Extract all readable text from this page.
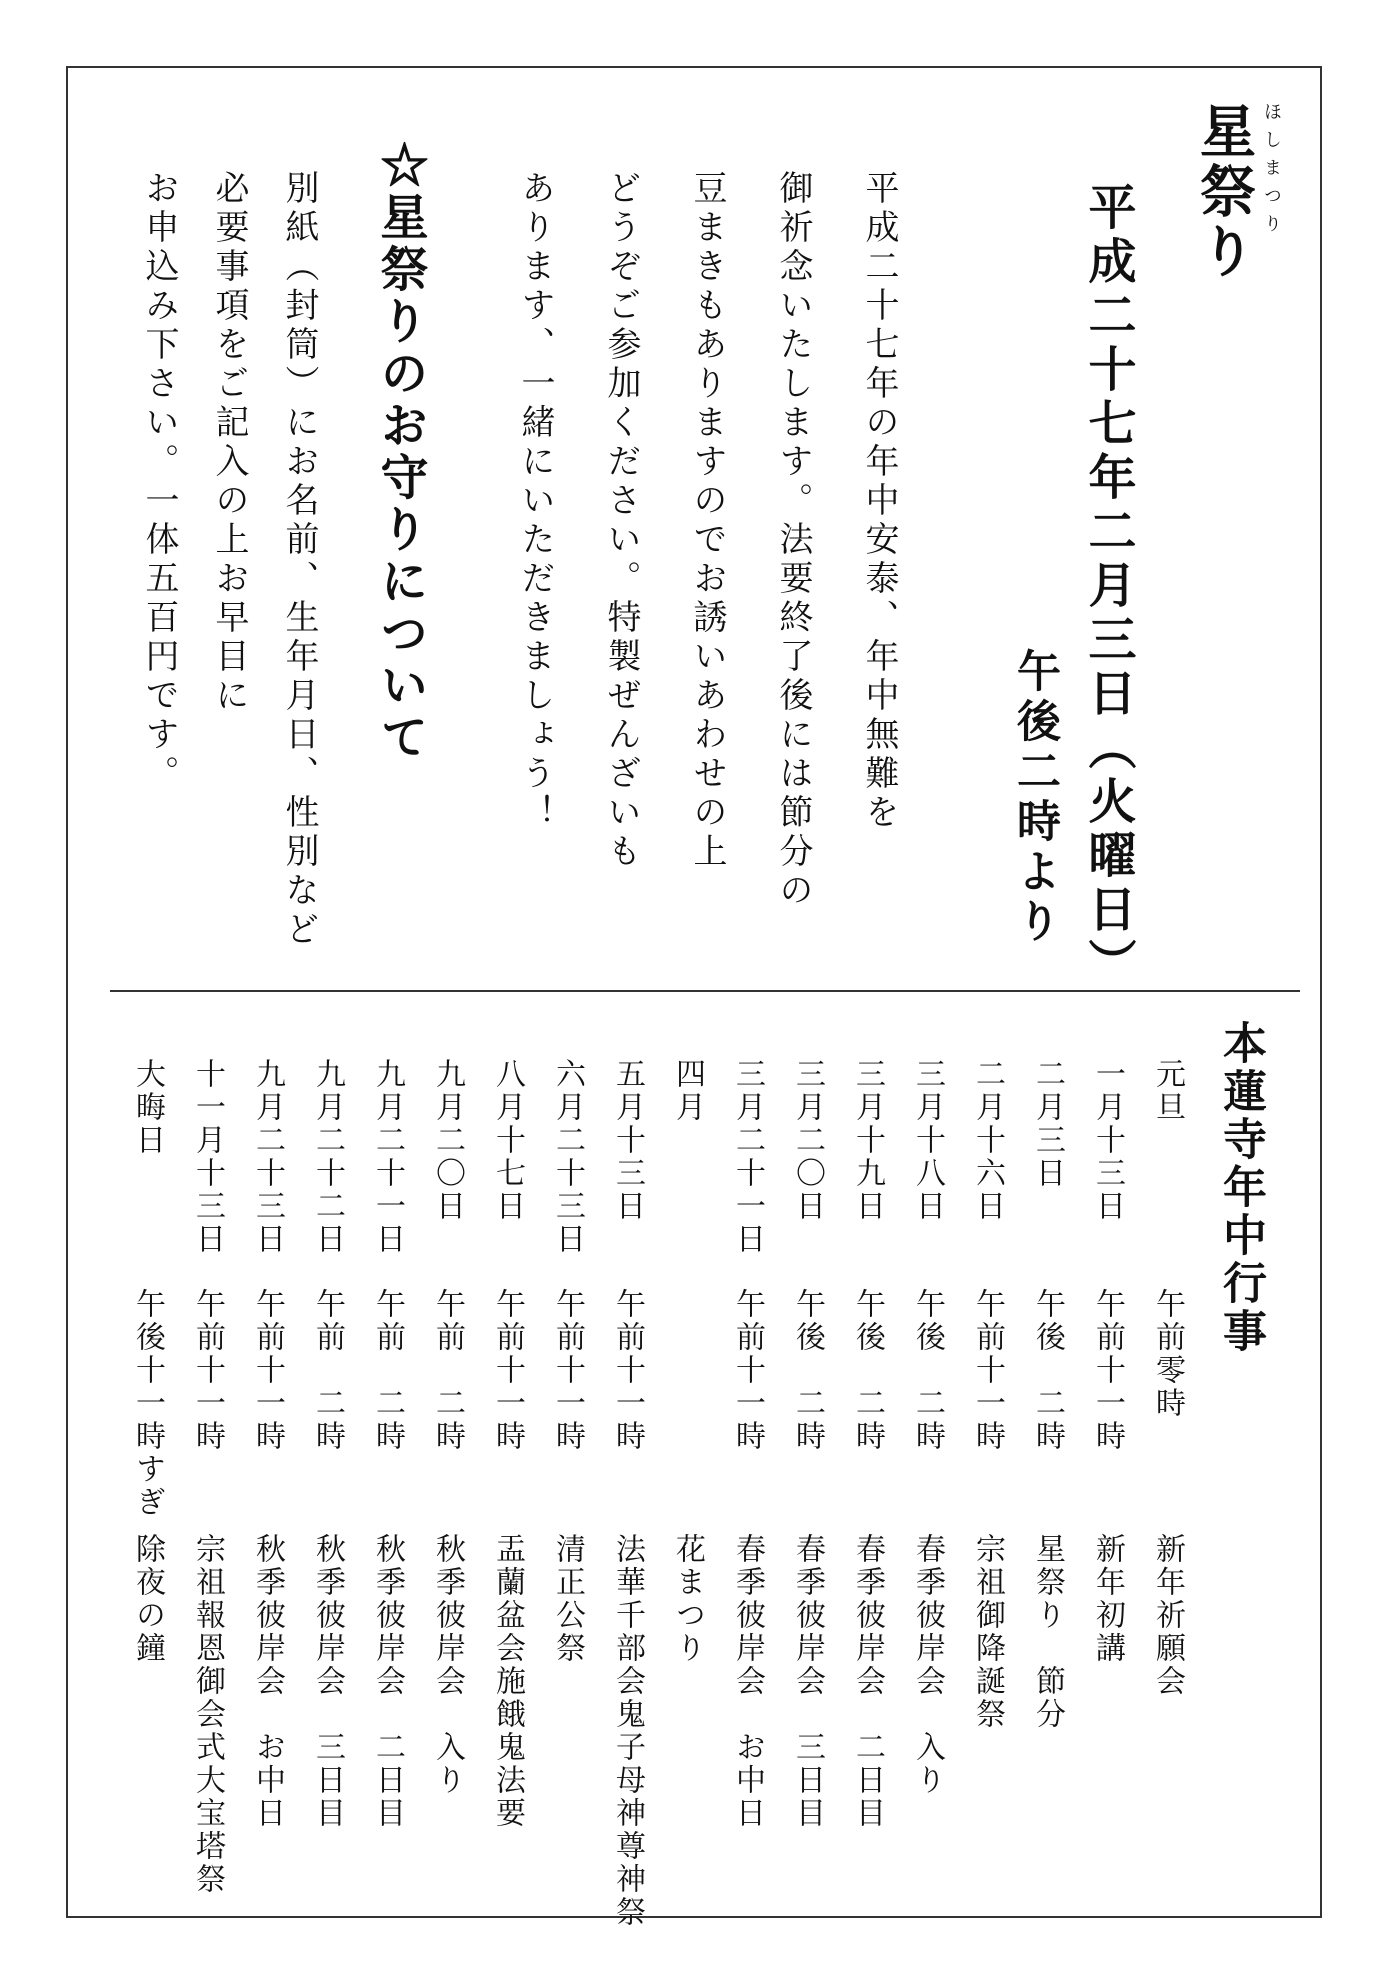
ほしまつり
星祭り
平成二十七年二月三日（火曜日）
午後二時より
平成二十七年の年中安泰、年中無難を
御祈念いたします。法要終了後には節分の
豆まきもありますのでお誘いあわせの上
どうぞご参加ください。特製ぜんざいも
あります、一緒にいただきましょう！
☆星祭りのお守りについて
別紙（封筒）にお名前、生年月日、性別など
必要事項をご記入の上お早目に
お申込み下さい。一体五百円です。
本蓮寺年中行事
元旦
午前零時
新年祈願会
一月十三日
午前十一時
新年初講
二月三日
午後　二時
星祭り　節分
二月十六日
午前十一時
宗祖御降誕祭
三月十八日
午後　二時
春季彼岸会　入り
三月十九日
午後　二時
春季彼岸会　二日目
三月二〇日
午後　二時
春季彼岸会　三日目
三月二十一日
午前十一時
春季彼岸会　お中日
四月
花まつり
五月十三日
午前十一時
法華千部会鬼子母神尊神祭
六月二十三日
午前十一時
清正公祭
八月十七日
午前十一時
盂蘭盆会施餓鬼法要
九月二〇日
午前　二時
秋季彼岸会　入り
九月二十一日
午前　二時
秋季彼岸会　二日目
九月二十二日
午前　二時
秋季彼岸会　三日目
九月二十三日
午前十一時
秋季彼岸会　お中日
十一月十三日
午前十一時
宗祖報恩御会式大宝塔祭
大晦日
午後十一時すぎ
除夜の鐘
